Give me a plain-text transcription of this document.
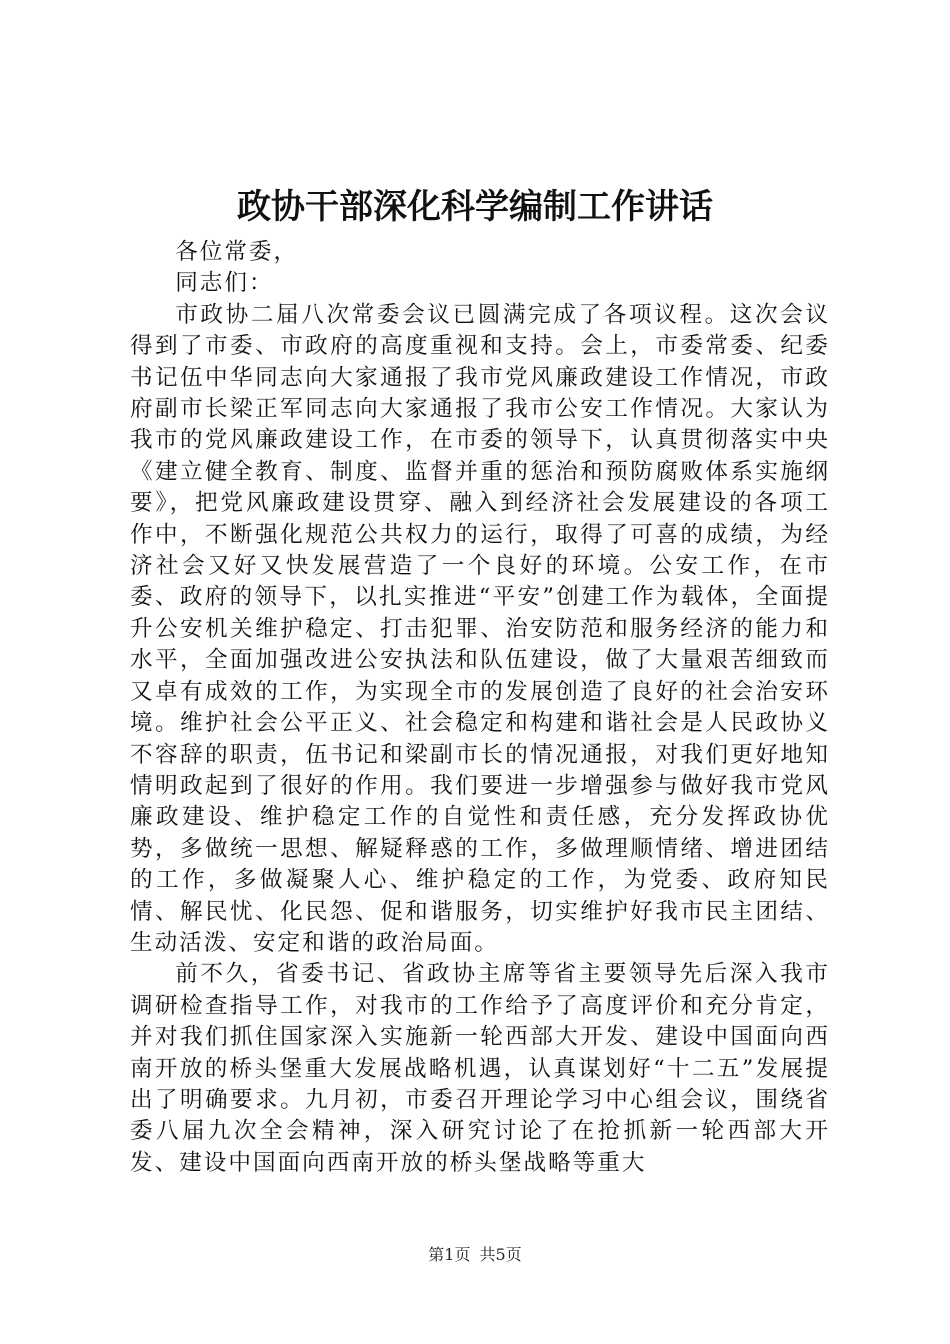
政协干部深化科学编制工作讲话

各位常委，

同志们：

市政协二届八次常委会议已圆满完成了各项议程。这次会议得到了市委、市政府的高度重视和支持。会上，市委常委、纪委书记伍中华同志向大家通报了我市党风廉政建设工作情况，市政府副市长梁正军同志向大家通报了我市公安工作情况。大家认为我市的党风廉政建设工作，在市委的领导下，认真贯彻落实中央《建立健全教育、制度、监督并重的惩治和预防腐败体系实施纲要》，把党风廉政建设贯穿、融入到经济社会发展建设的各项工作中，不断强化规范公共权力的运行，取得了可喜的成绩，为经济社会又好又快发展营造了一个良好的环境。公安工作，在市委、政府的领导下，以扎实推进“平安”创建工作为载体，全面提升公安机关维护稳定、打击犯罪、治安防范和服务经济的能力和水平，全面加强改进公安执法和队伍建设，做了大量艰苦细致而又卓有成效的工作，为实现全市的发展创造了良好的社会治安环境。维护社会公平正义、社会稳定和构建和谐社会是人民政协义不容辞的职责，伍书记和梁副市长的情况通报，对我们更好地知情明政起到了很好的作用。我们要进一步增强参与做好我市党风廉政建设、维护稳定工作的自觉性和责任感，充分发挥政协优势，多做统一思想、解疑释惑的工作，多做理顺情绪、增进团结的工作，多做凝聚人心、维护稳定的工作，为党委、政府知民情、解民忧、化民怨、促和谐服务，切实维护好我市民主团结、生动活泼、安定和谐的政治局面。

前不久，省委书记、省政协主席等省主要领导先后深入我市调研检查指导工作，对我市的工作给予了高度评价和充分肯定，并对我们抓住国家深入实施新一轮西部大开发、建设中国面向西南开放的桥头堡重大发展战略机遇，认真谋划好“十二五”发展提出了明确要求。九月初，市委召开理论学习中心组会议，围绕省委八届九次全会精神，深入研究讨论了在抢抓新一轮西部大开发、建设中国面向西南开放的桥头堡战略等重大

第1页 共5页
